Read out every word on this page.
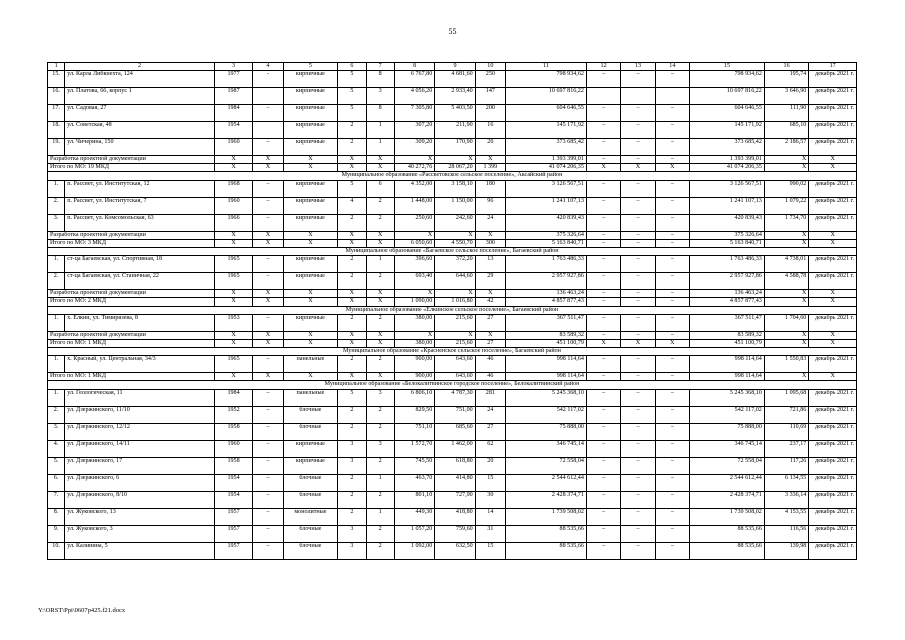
55
1	2	3	4	5	6	7	8	9	10	11	12	13	14	15	16	17
15.	ул. Карла Либкнехта, 124	1977	-	кирпичные	5	8	6 767,80	4 681,60	250	798 934,62	–	–	–	798 934,62	195,74	декабрь 2021 г.
16.	ул. Платова, 66, корпус 1	1987		кирпичные	5	3	4 056,20	2 933,40	147	10 697 816,22				10 697 816,22	3 646,90	декабрь 2021 г.
17.	ул. Садовая, 27	1984	–	кирпичные	5	8	7 305,80	5 403,50	200	604 646,55	–	–	–	604 646,55	111,90	декабрь 2021 г.
18.	ул. Советская, 48	1954		кирпичные	2	1	307,20	211,90	16	145 171,92	–	–	–	145 171,92	685,10	декабрь 2021 г.
19.	ул. Чичерина, 150	1960	–	кирпичные	2	1	309,20	170,90	20	373 685,42	–	–	–	373 685,42	2 186,57	декабрь 2021 г.
Разработка проектной документации		X	X	X	X	X	X	X	X	1 393 399,01	–	–	–	1 393 399,01	X	X
Итого по МО: 19 МКД		X	X	X	X	X	40 272,76	28 067,20	1 399	41 074 206,35	X	X	X	41 074 206,35	X	X
Муниципальное образование «Рассветовское сельское поселение», Аксайский район																
1.	п. Рассвет, ул. Институтская, 12	1968	–	кирпичные	5	6	4 352,00	3 158,10	180	3 126 567,51	–	–	–	3 126 567,51	990,02	декабрь 2021 г.
2.	п. Рассвет, ул. Институтская, 7	1960	–	кирпичные	4	2	1 448,00	1 150,00	96	1 241 107,13	–	–	–	1 241 107,13	1 079,22	декабрь 2021 г.
3.	п. Рассвет, ул. Комсомольская, 63	1966	–	кирпичные	2	2	250,60	242,60	24	420 839,43	–	–	–	420 839,43	1 734,70	декабрь 2021 г.
Разработка проектной документации		X	X	X	X	X	X	X	X	375 326,64	–	–	–	375 326,64	X	X
Итого по МО: 3 МКД		X	X	X	X	X	6 050,60	4 550,70	300	5 163 840,71	–	–	–	5 163 840,71	X	X
Муниципальное образование «Багаевское сельское поселение», Багаевский район																
1.	ст-ца Багаевская, ул. Спортивная, 18	1965	–	кирпичные	2	1	396,60	372,20	13	1 763 486,33	–	–	–	1 763 486,33	4 738,01	декабрь 2021 г.
2.	ст-ца Багаевская, ул. Станичная, 22	1965	–	кирпичные	2	2	693,40	644,60	29	2 957 927,86	–	–	–	2 957 927,86	4 588,78	декабрь 2021 г.
Разработка проектной документации		X	X	X	X	X	X	X	X	136 463,24	–	–	–	136 463,24	X	X
Итого по МО: 2 МКД		X	X	X	X	X	1 090,00	1 016,80	42	4 857 877,43	–	–	–	4 857 877,43	X	X
Муниципальное образование «Елкинское сельское поселение», Багаевский район																
1.	х. Елкин, ул. Тимирязева, 8	1953	–	кирпичные	2	2	380,00	215,60	27	367 511,47	–	–	–	367 511,47	1 704,60	декабрь 2021 г.
Разработка проектной документации		X	X	X	X	X	X	X	X	83 589,32	–	–	–	83 589,32	X	X
Итого по МО: 1 МКД		X	X	X	X	X	380,00	215,60	27	451 100,79	X	X	X	451 100,79	X	X
Муниципальное образование «Красненское сельское поселение», Багаевский район																
1.	х. Красный, ул. Центральная, 34/3	1965	–	панельные	2	2	900,00	643,60	46	998 114,64	–	–	–	998 114,64	1 550,83	декабрь 2021 г.
Итого по МО: 1 МКД		X	X	X	X	X	900,00	643,60	46	998 114,64	–	–	–	998 114,64	X	X
Муниципальное образование «Белокалитвинское городское поселение», Белокалитвинский район																
1.	ул. Геологическая, 11	1984	–	панельные	5	3	6 806,10	4 787,30	281	5 245 368,10	–	–	–	5 245 368,10	1 095,68	декабрь 2021 г.
2.	ул. Дзержинского, 11/10	1952	–	блочные	2	2	829,50	751,00	24	542 117,02	–	–	–	542 117,02	721,86	декабрь 2021 г.
3.	ул. Дзержинского, 12/12	1958	–	блочные	2	2	751,10	685,60	27	75 888,00	–	–	–	75 888,00	110,69	декабрь 2021 г.
4.	ул. Дзержинского, 14/11	1960	–	кирпичные	3	3	1 572,70	1 462,00	62	346 745,14	–	–	–	346 745,14	237,17	декабрь 2021 г.
5.	ул. Дзержинского, 17	1958	–	кирпичные	3	2	745,50	618,80	20	72 558,04	–	–	–	72 558,04	117,26	декабрь 2021 г.
6.	ул. Дзержинского, 6	1954	–	блочные	2	1	463,70	414,80	15	2 544 612,44	–	–	–	2 544 612,44	6 134,55	декабрь 2021 г.
7.	ул. Дзержинского, 8/10	1954	–	блочные	2	2	801,10	727,90	30	2 428 374,71	–	–	–	2 428 374,71	3 336,14	декабрь 2021 г.
8.	ул. Жуковского, 13	1957	–	монолитные	2	1	449,30	418,80	14	1 739 508,02	–	–	–	1 739 508,02	4 153,55	декабрь 2021 г.
9.	ул. Жуковского, 3	1957	–	блочные	3	2	1 057,20	759,60	31	88 535,66	–	–	–	88 535,66	116,56	декабрь 2021 г.
10.	ул. Калинина, 5	1957	–	блочные	3	2	1 092,00	632,50	15	88 535,66	–	–	–	88 535,66	139,98	декабрь 2021 г.
Y:\ORST\Ppi\0607p425.f21.docx
